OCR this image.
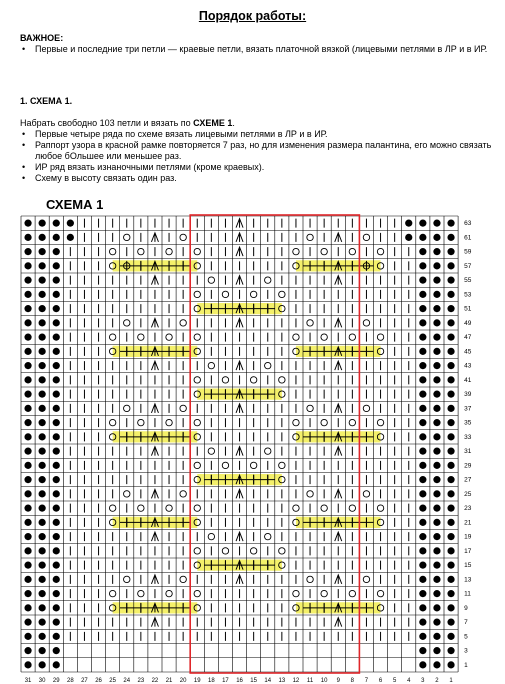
Порядок работы:
ВАЖНОЕ:
• Первые и последние три петли — краевые петли, вязать платочной вязкой (лицевыми петлями в ЛР и в ИР.
1. СХЕМА 1.
Набрать свободно 103 петли и вязать по СХЕМЕ 1.
• Первые четыре ряда по схеме вязать лицевыми петлями в ЛР и в ИР.
• Раппорт узора в красной рамке повторяется 7 раз, но для изменения размера палантина, его можно связать любое бОльшее или меньшее раз.
• ИР ряд вязать изнаночными петлями (кроме краевых).
• Схему в высоту связать один раз.
СХЕМА 1
63
61
59
57
55
53
51
49
47
45
43
41
39
37
35
33
31
29
27
25
23
21
19
17
15
13
11
9
7
5
3
1
31 30 29 28 27 26 25 24 23 22 21 20 19 18 17 16 15 14 13 12 11 10 9 8 7 6 5 4 3 2 1
